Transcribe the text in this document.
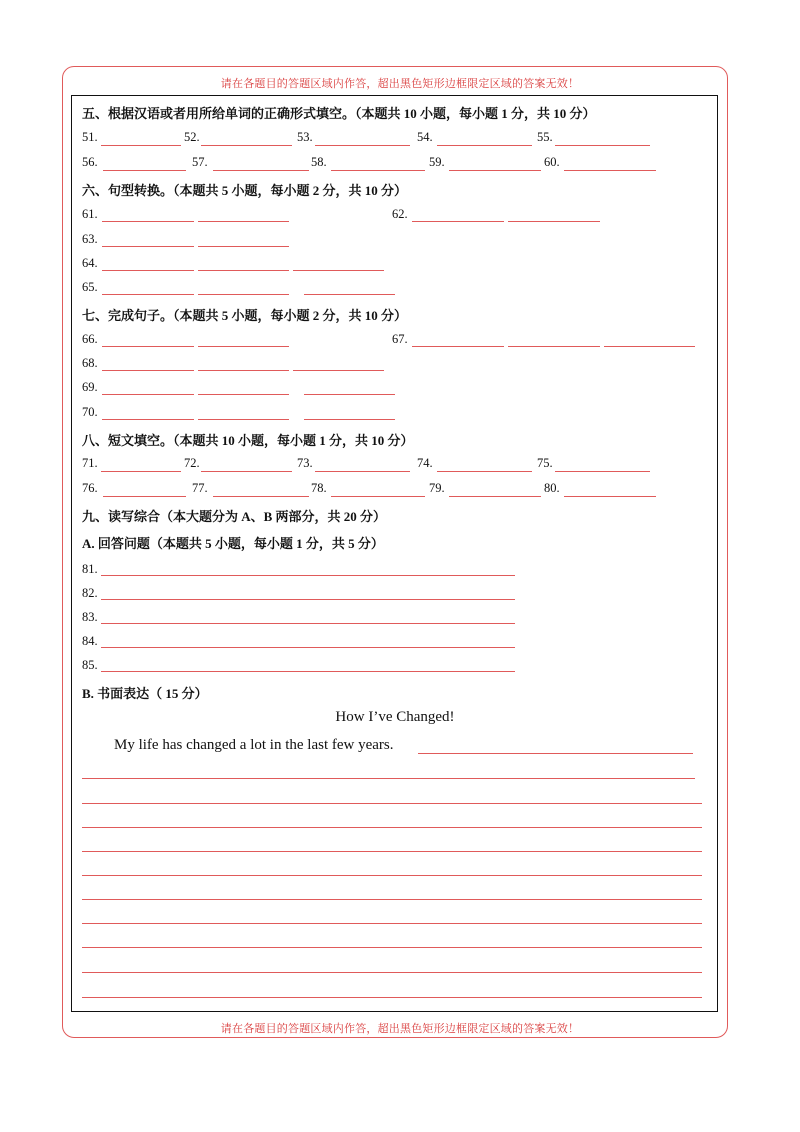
请在各题目的答题区域内作答，超出黑色矩形边框限定区域的答案无效！
请在各题目的答题区域内作答，超出黑色矩形边框限定区域的答案无效！
五、根据汉语或者用所给单词的正确形式填空。（本题共 10 小题，每小题 1 分，共 10 分）
51.	52.	53.	54.	55.
56.	57.	58.	59.	60.
六、句型转换。（本题共 5 小题，每小题 2 分，共 10 分）
61.	62.
63.
64.
65.
七、完成句子。（本题共 5 小题，每小题 2 分，共 10 分）
66.	67.
68.
69.
70.
八、短文填空。（本题共 10 小题，每小题 1 分，共 10 分）
71.	72.	73.	74.	75.
76.	77.	78.	79.	80.
九、读写综合（本大题分为 A、B 两部分，共 20 分）
A. 回答问题（本题共 5 小题，每小题 1 分，共 5 分）
81.
82.
83.
84.
85.
B. 书面表达（ 15 分）
How I’ve Changed!
My life has changed a lot in the last few years.
